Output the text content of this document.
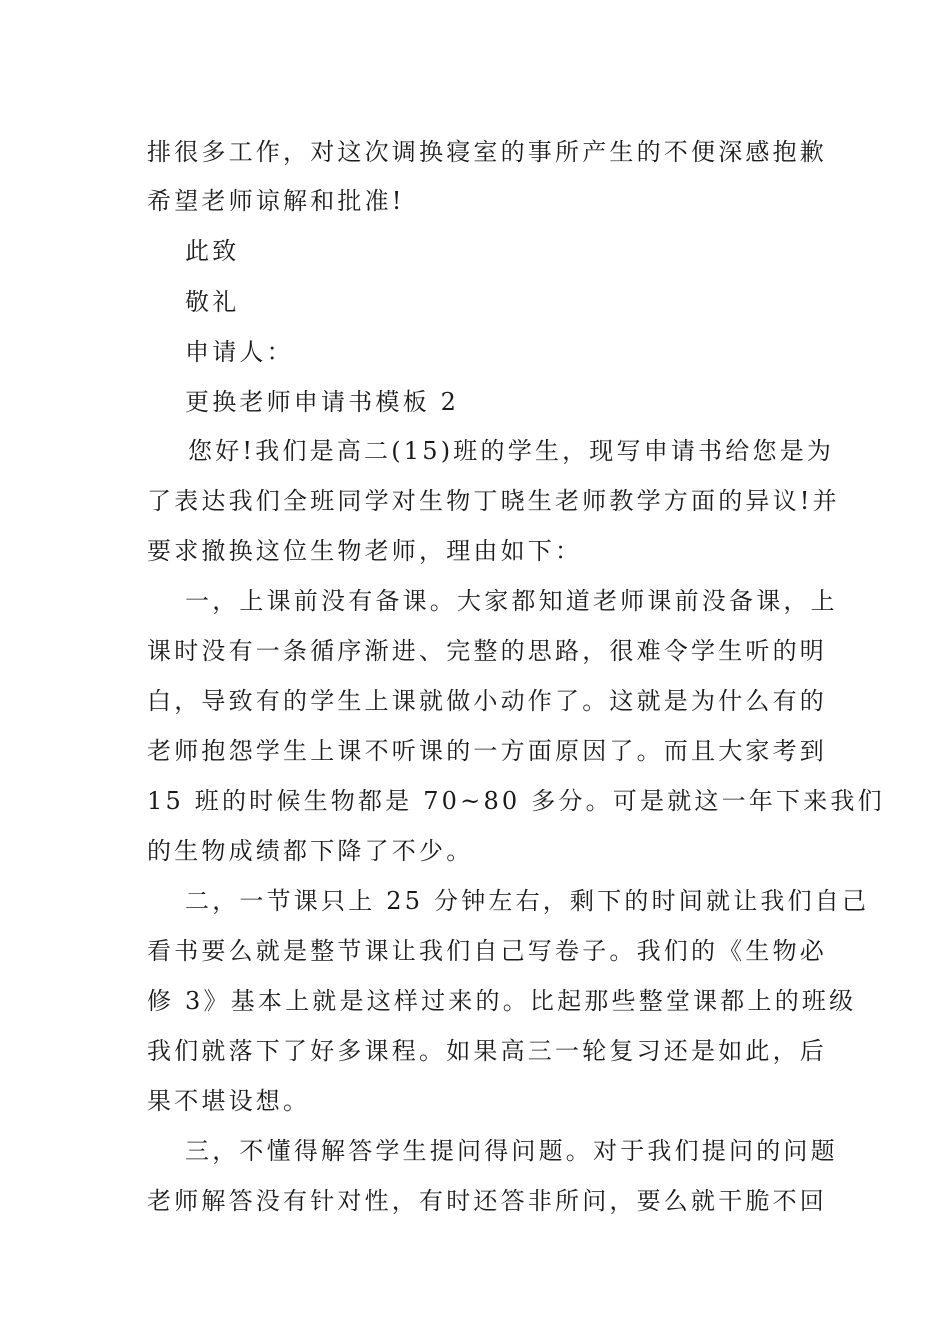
排很多工作，对这次调换寝室的事所产生的不便深感抱歉
希望老师谅解和批准!
此致
敬礼
申请人：
更换老师申请书模板 2
您好!我们是高二(15)班的学生，现写申请书给您是为
了表达我们全班同学对生物丁晓生老师教学方面的异议!并
要求撤换这位生物老师，理由如下：
一，上课前没有备课。大家都知道老师课前没备课，上
课时没有一条循序渐进、完整的思路，很难令学生听的明
白，导致有的学生上课就做小动作了。这就是为什么有的
老师抱怨学生上课不听课的一方面原因了。而且大家考到
15 班的时候生物都是 70~80 多分。可是就这一年下来我们
的生物成绩都下降了不少。
二，一节课只上 25 分钟左右，剩下的时间就让我们自己
看书要么就是整节课让我们自己写卷子。我们的《生物必
修 3》基本上就是这样过来的。比起那些整堂课都上的班级
我们就落下了好多课程。如果高三一轮复习还是如此，后
果不堪设想。
三，不懂得解答学生提问得问题。对于我们提问的问题
老师解答没有针对性，有时还答非所问，要么就干脆不回
